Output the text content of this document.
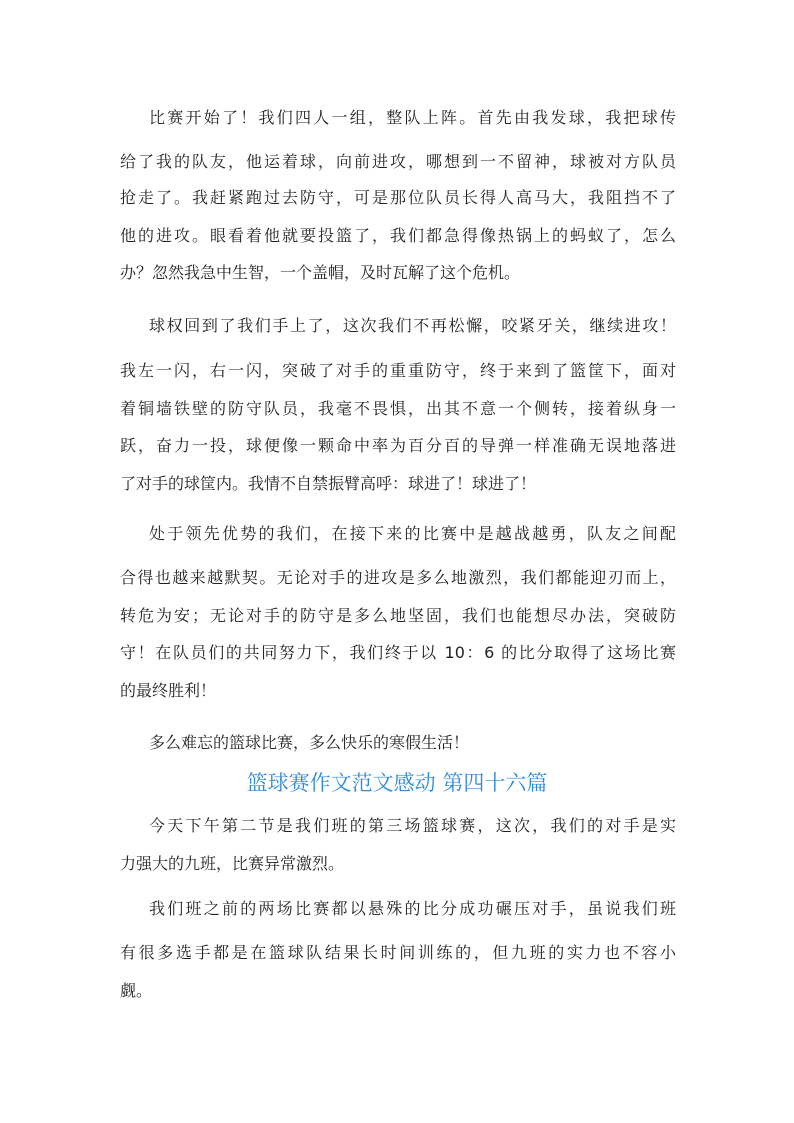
比赛开始了！我们四人一组，整队上阵。首先由我发球，我把球传
给了我的队友，他运着球，向前进攻，哪想到一不留神，球被对方队员
抢走了。我赶紧跑过去防守，可是那位队员长得人高马大，我阻挡不了
他的进攻。眼看着他就要投篮了，我们都急得像热锅上的蚂蚁了，怎么
办？忽然我急中生智，一个盖帽，及时瓦解了这个危机。
球权回到了我们手上了，这次我们不再松懈，咬紧牙关，继续进攻！
我左一闪，右一闪，突破了对手的重重防守，终于来到了篮筐下，面对
着铜墙铁壁的防守队员，我毫不畏惧，出其不意一个侧转，接着纵身一
跃，奋力一投，球便像一颗命中率为百分百的导弹一样准确无误地落进
了对手的球筐内。我情不自禁振臂高呼：球进了！球进了！
处于领先优势的我们，在接下来的比赛中是越战越勇，队友之间配
合得也越来越默契。无论对手的进攻是多么地激烈，我们都能迎刃而上，
转危为安；无论对手的防守是多么地坚固，我们也能想尽办法，突破防
守！在队员们的共同努力下，我们终于以 10：6 的比分取得了这场比赛
的最终胜利！
多么难忘的篮球比赛，多么快乐的寒假生活！
篮球赛作文范文感动 第四十六篇
今天下午第二节是我们班的第三场篮球赛，这次，我们的对手是实
力强大的九班，比赛异常激烈。
我们班之前的两场比赛都以悬殊的比分成功碾压对手，虽说我们班
有很多选手都是在篮球队结果长时间训练的，但九班的实力也不容小
觑。
